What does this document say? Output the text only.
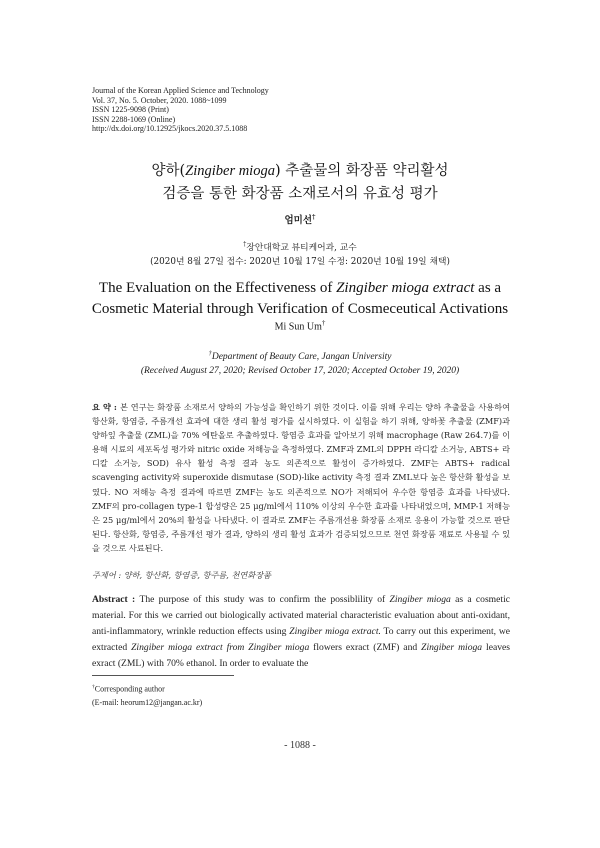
Journal of the Korean Applied Science and Technology
Vol. 37, No. 5. October, 2020. 1088~1099
ISSN 1225-9098 (Print)
ISSN 2288-1069 (Online)
http://dx.doi.org/10.12925/jkocs.2020.37.5.1088
양하(Zingiber mioga) 추출물의 화장품 약리활성
검증을 통한 화장품 소재로서의 유효성 평가
엄미선†
†장안대학교 뷰티케어과, 교수
(2020년 8월 27일 접수: 2020년 10월 17일 수정: 2020년 10월 19일 채택)
The Evaluation on the Effectiveness of Zingiber mioga extract as a
Cosmetic Material through Verification of Cosmeceutical Activations
Mi Sun Um†
†Department of Beauty Care, Jangan University
(Received August 27, 2020; Revised October 17, 2020; Accepted October 19, 2020)
요 약 : 본 연구는 화장품 소재로서 양하의 가능성을 확인하기 위한 것이다. 이를 위해 우리는 양하 추출물을 사용하여 항산화, 항염증, 주름개선 효과에 대한 생리 활성 평가를 실시하였다. 이 실험을 하기 위해, 양하꽃 추출물 (ZMF)과 양하잎 추출물 (ZML)을 70% 에탄올로 추출하였다. 항염증 효과를 알아보기 위해 macrophage (Raw 264.7)를 이용해 시료의 세포독성 평가와 nitric oxide 저해능을 측정하였다. ZMF과 ZML의 DPPH 라디칼 소거능, ABTS+ 라디칼 소거능, SOD) 유사 활성 측정 결과 농도 의존적으로 활성이 증가하였다. ZMF는 ABTS+ radical scavenging activity와 superoxide dismutase (SOD)-like activity 측정 결과 ZML보다 높은 항산화 활성을 보였다. NO 저해능 측정 결과에 따르면 ZMF는 농도 의존적으로 NO가 저해되어 우수한 항염증 효과를 나타냈다. ZMF의 pro-collagen type-1 합성량은 25 μg/ml에서 110% 이상의 우수한 효과를 나타내었으며, MMP-1 저해능은 25 μg/ml에서 20%의 활성을 나타냈다. 이 결과로 ZMF는 주름개선용 화장품 소재로 응용이 가능할 것으로 판단된다. 항산화, 항염증, 주름개선 평가 결과, 양하의 생리 활성 효과가 검증되었으므로 천연 화장품 재료로 사용될 수 있을 것으로 사료된다.
주제어 : 양하, 항산화, 항염증, 항주름, 천연화장품
Abstract : The purpose of this study was to confirm the possiblility of Zingiber mioga as a cosmetic material. For this we carried out biologically activated material characteristic evaluation about anti-oxidant, anti-inflammatory, wrinkle reduction effects using Zingiber mioga extract. To carry out this experiment, we extracted Zingiber mioga extract from Zingiber mioga flowers exract (ZMF) and Zingiber mioga leaves exract (ZML) with 70% ethanol. In order to evaluate the
†Corresponding author
(E-mail: heorum12@jangan.ac.kr)
- 1088 -
